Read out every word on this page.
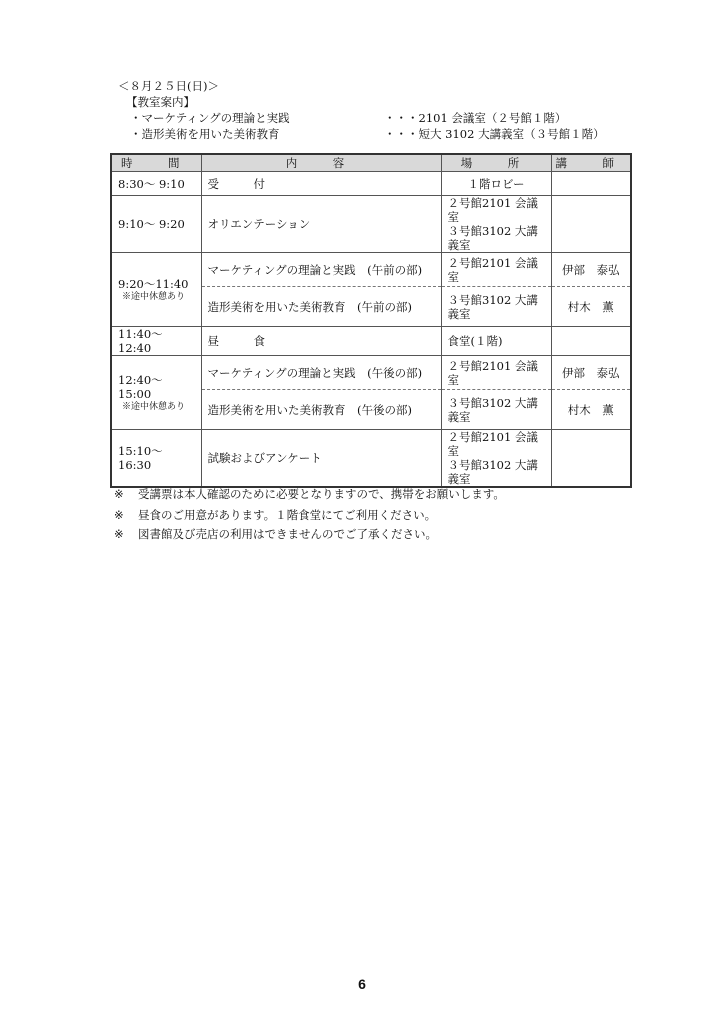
＜８月２５日(日)＞
【教室案内】
・マーケティングの理論と実践	・・・2101 会議室（２号館１階）
・造形美術を用いた美術教育	・・・短大 3102 大講義室（３号館１階）
時　間	内　容	場　所	講　師
8:30～ 9:10	受　　　付	１階ロビー	
9:10～ 9:20	オリエンテーション	２号館2101 会議室
３号館3102 大講義室	
9:20～11:40
※途中休憩あり	マーケティングの理論と実践　(午前の部)	２号館2101 会議室	伊部　泰弘
	造形美術を用いた美術教育　(午前の部)	３号館3102 大講義室	村木　薫
11:40～12:40	昼　　　食	食堂(１階)	
12:40～15:00
※途中休憩あり	マーケティングの理論と実践　(午後の部)	２号館2101 会議室	伊部　泰弘
	造形美術を用いた美術教育　(午後の部)	３号館3102 大講義室	村木　薫
15:10～16:30	試験およびアンケート	２号館2101 会議室
３号館3102 大講義室	
※ 受講票は本人確認のために必要となりますので、携帯をお願いします。
※ 昼食のご用意があります。１階食堂にてご利用ください。
※ 図書館及び売店の利用はできませんのでご了承ください。
6
